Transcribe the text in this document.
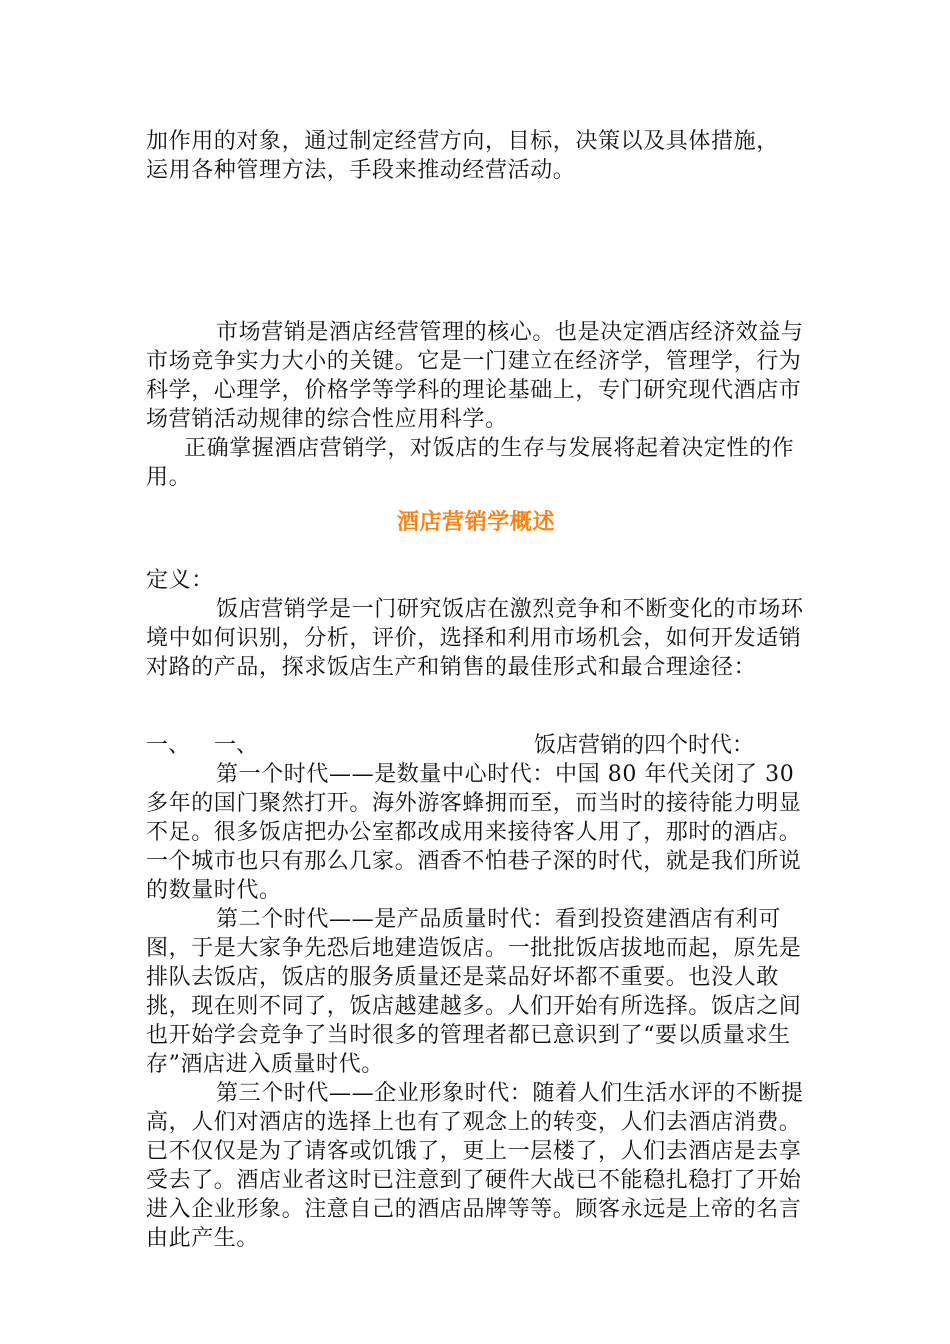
加作用的对象，通过制定经营方向，目标，决策以及具体措施，

运用各种管理方法，手段来推动经营活动。

市场营销是酒店经营管理的核心。也是决定酒店经济效益与市场竞争实力大小的关键。它是一门建立在经济学，管理学，行为科学，心理学，价格学等学科的理论基础上，专门研究现代酒店市场营销活动规律的综合性应用科学。

正确掌握酒店营销学，对饭店的生存与发展将起着决定性的作用。

酒店营销学概述

定义：

饭店营销学是一门研究饭店在激烈竞争和不断变化的市场环境中如何识别，分析，评价，选择和利用市场机会，如何开发适销对路的产品，探求饭店生产和销售的最佳形式和最合理途径：

一、 一、	饭店营销的四个时代：

第一个时代——是数量中心时代：中国 80 年代关闭了 30 多年的国门聚然打开。海外游客蜂拥而至，而当时的接待能力明显不足。很多饭店把办公室都改成用来接待客人用了，那时的酒店。一个城市也只有那么几家。酒香不怕巷子深的时代，就是我们所说的数量时代。

第二个时代——是产品质量时代：看到投资建酒店有利可图，于是大家争先恐后地建造饭店。一批批饭店拔地而起，原先是排队去饭店，饭店的服务质量还是菜品好坏都不重要。也没人敢挑，现在则不同了，饭店越建越多。人们开始有所选择。饭店之间也开始学会竞争了当时很多的管理者都已意识到了“要以质量求生存”酒店进入质量时代。

第三个时代——企业形象时代：随着人们生活水评的不断提高，人们对酒店的选择上也有了观念上的转变，人们去酒店消费。已不仅仅是为了请客或饥饿了，更上一层楼了，人们去酒店是去享受去了。酒店业者这时已注意到了硬件大战已不能稳扎稳打了开始进入企业形象。注意自己的酒店品牌等等。顾客永远是上帝的名言由此产生。
